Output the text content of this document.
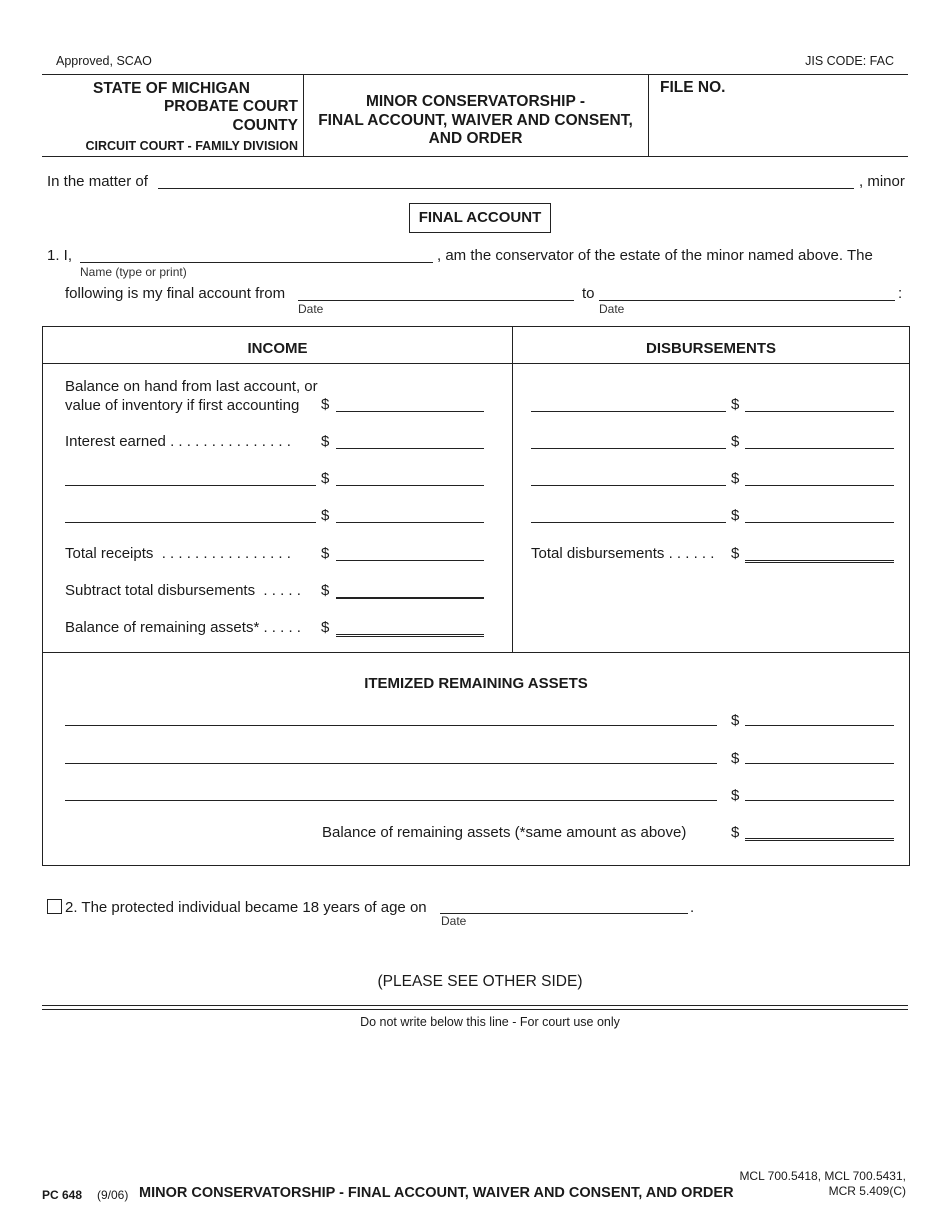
Approved, SCAO	JIS CODE: FAC
STATE OF MICHIGAN
PROBATE COURT
COUNTY
CIRCUIT COURT - FAMILY DIVISION
MINOR CONSERVATORSHIP -
FINAL ACCOUNT, WAIVER AND CONSENT,
AND ORDER
FILE NO.
In the matter of	, minor
FINAL ACCOUNT
1. I,	, am the conservator of the estate of the minor named above. The
Name (type or print)
following is my final account from	to	:
Date	Date
INCOME	DISBURSEMENTS
Balance on hand from last account, or
value of inventory if first accounting	$
Interest earned . . . . . . . . . . . . . . . $
$
$
Total receipts  . . . . . . . . . . . . . . . . $
Subtract total disbursements  . . . . . $
Balance of remaining assets* . . . . . $
$
$
$
$
Total disbursements . . . . . . $
ITEMIZED REMAINING ASSETS
$
$
$
Balance of remaining assets (*same amount as above)	$
2. The protected individual became 18 years of age on	.
Date
(PLEASE SEE OTHER SIDE)
Do not write below this line - For court use only
PC 648 (9/06) MINOR CONSERVATORSHIP - FINAL ACCOUNT, WAIVER AND CONSENT, AND ORDER
MCL 700.5418, MCL 700.5431,
MCR 5.409(C)
